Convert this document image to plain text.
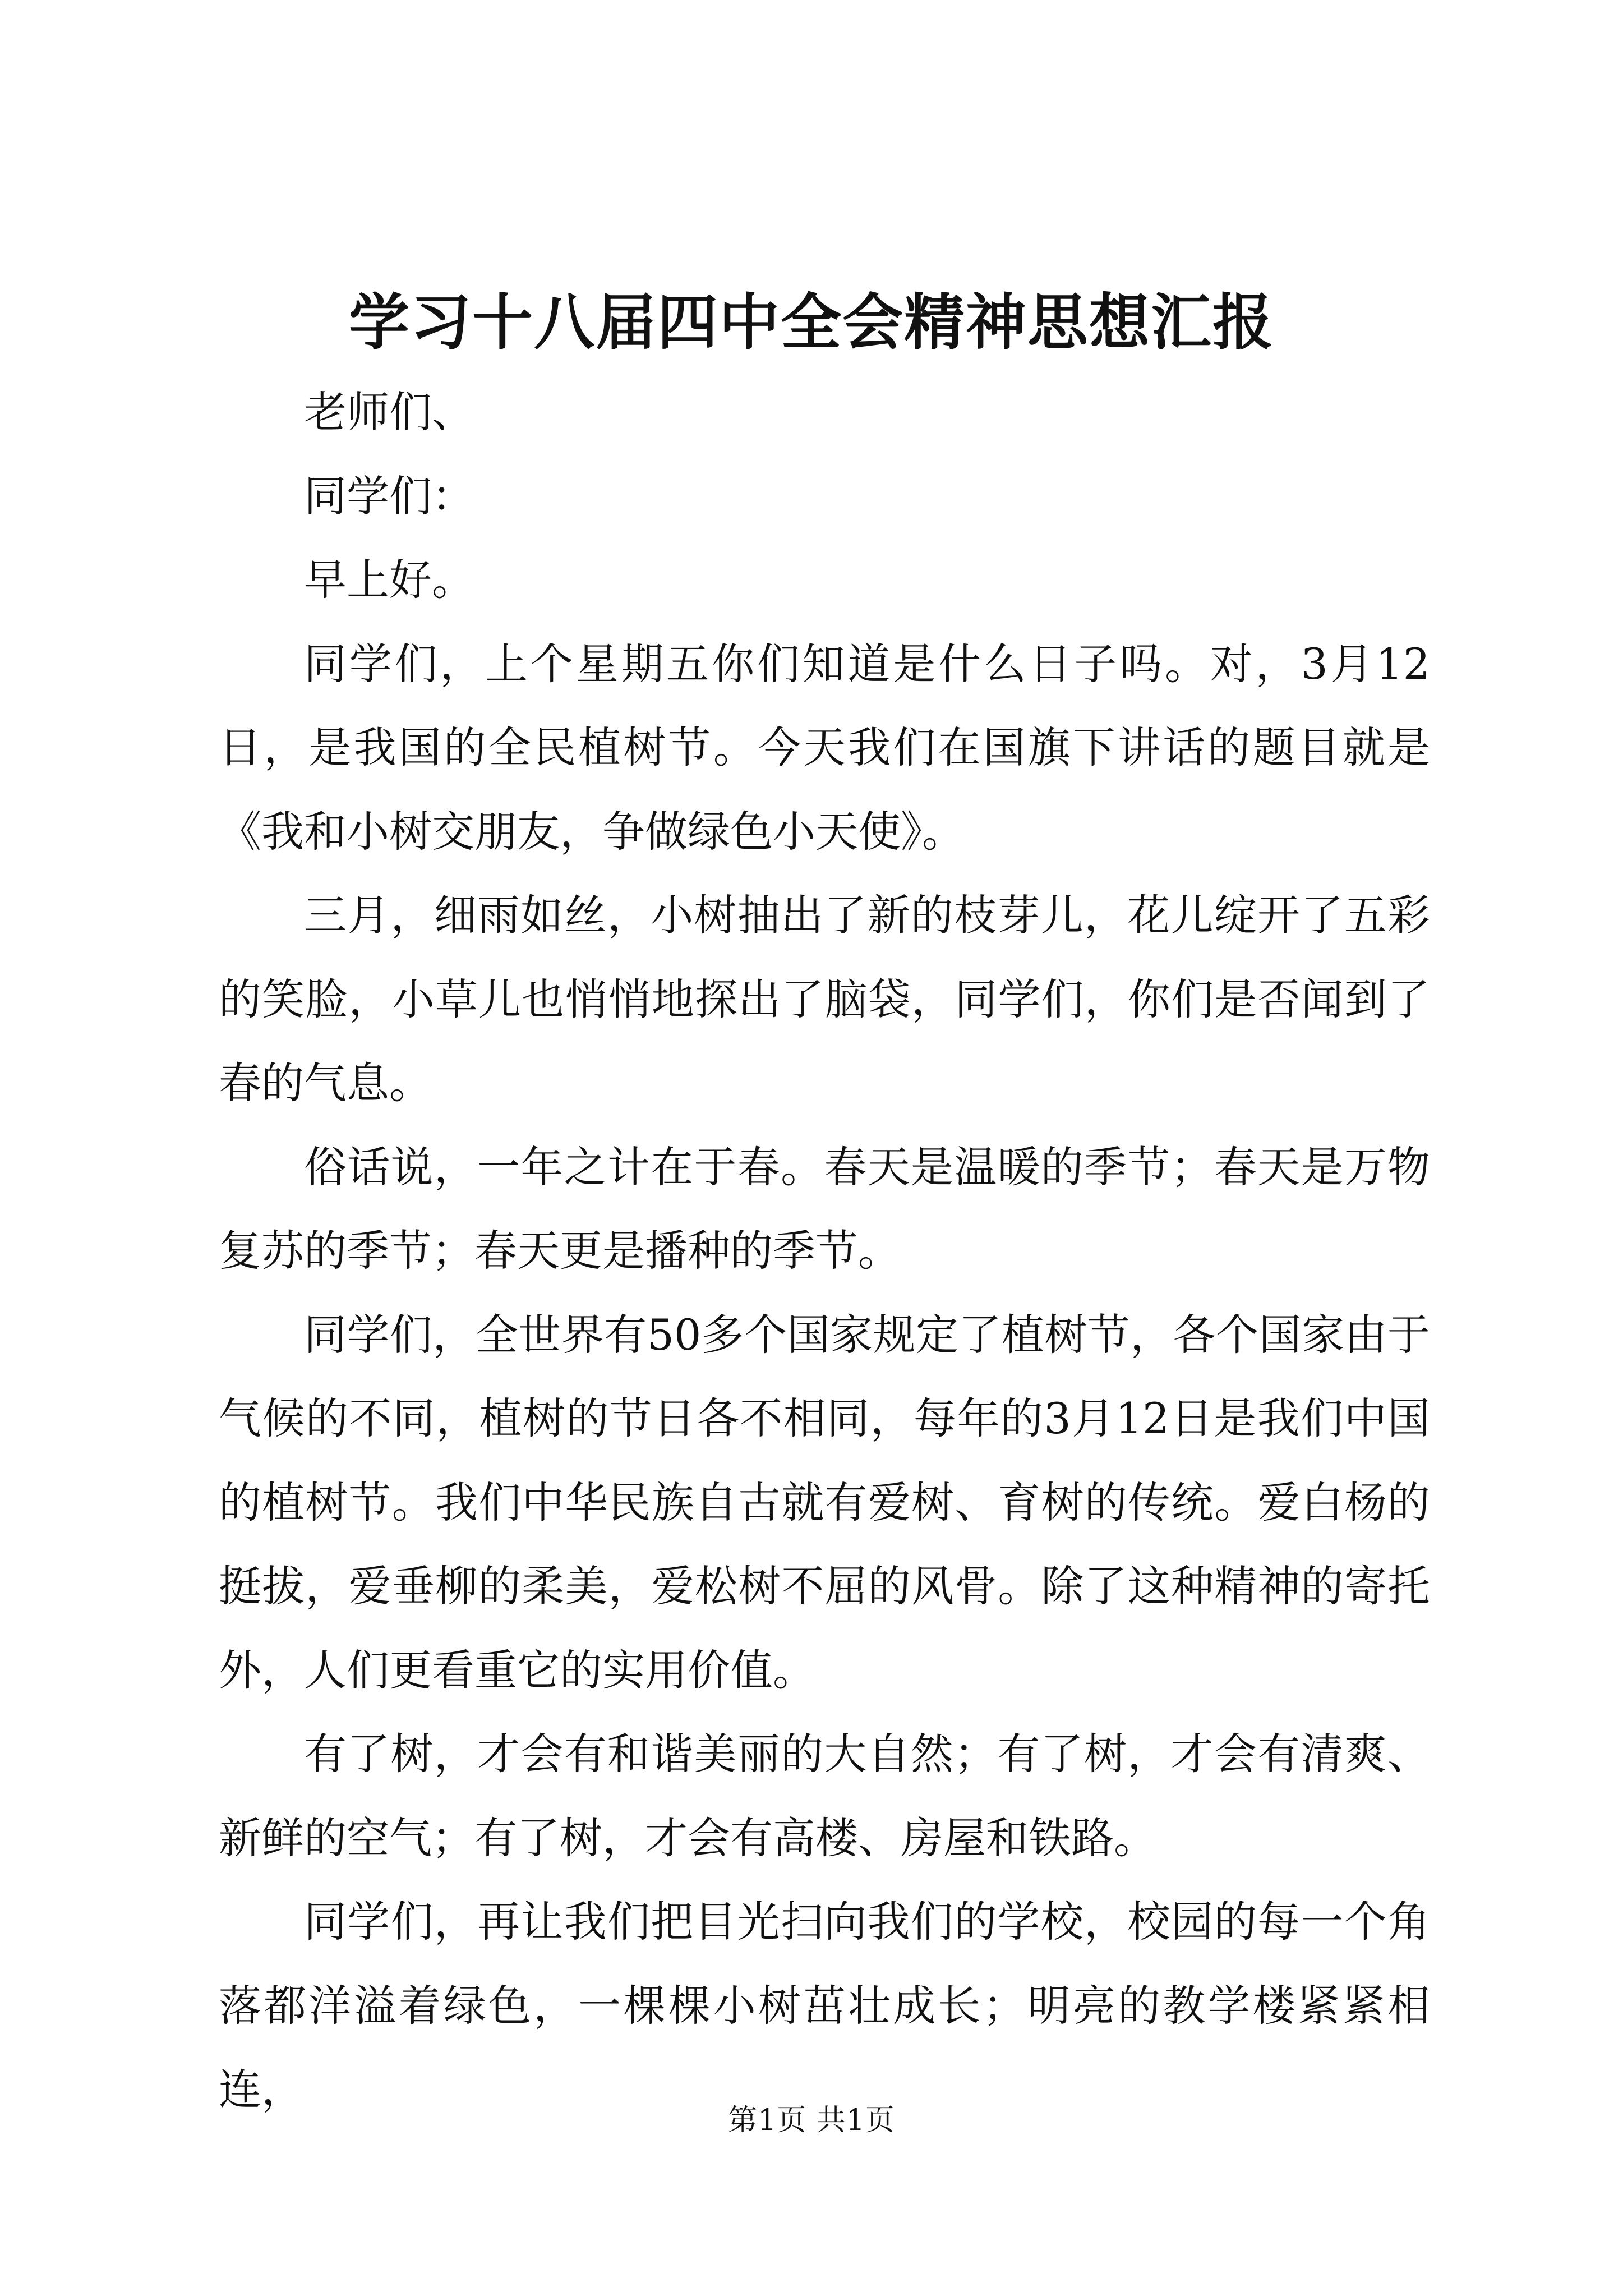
学习十八届四中全会精神思想汇报

老师们、

同学们：

早上好。

同学们，上个星期五你们知道是什么日子吗。对，3月12日，是我国的全民植树节。今天我们在国旗下讲话的题目就是《我和小树交朋友，争做绿色小天使》。

三月，细雨如丝，小树抽出了新的枝芽儿，花儿绽开了五彩的笑脸，小草儿也悄悄地探出了脑袋，同学们，你们是否闻到了春的气息。

俗话说，一年之计在于春。春天是温暖的季节；春天是万物复苏的季节；春天更是播种的季节。

同学们，全世界有50多个国家规定了植树节，各个国家由于气候的不同，植树的节日各不相同，每年的3月12日是我们中国的植树节。我们中华民族自古就有爱树、育树的传统。爱白杨的挺拔，爱垂柳的柔美，爱松树不屈的风骨。除了这种精神的寄托外，人们更看重它的实用价值。

有了树，才会有和谐美丽的大自然；有了树，才会有清爽、新鲜的空气；有了树，才会有高楼、房屋和铁路。

同学们，再让我们把目光扫向我们的学校，校园的每一个角落都洋溢着绿色，一棵棵小树茁壮成长；明亮的教学楼紧紧相连，

第1页 共1页
